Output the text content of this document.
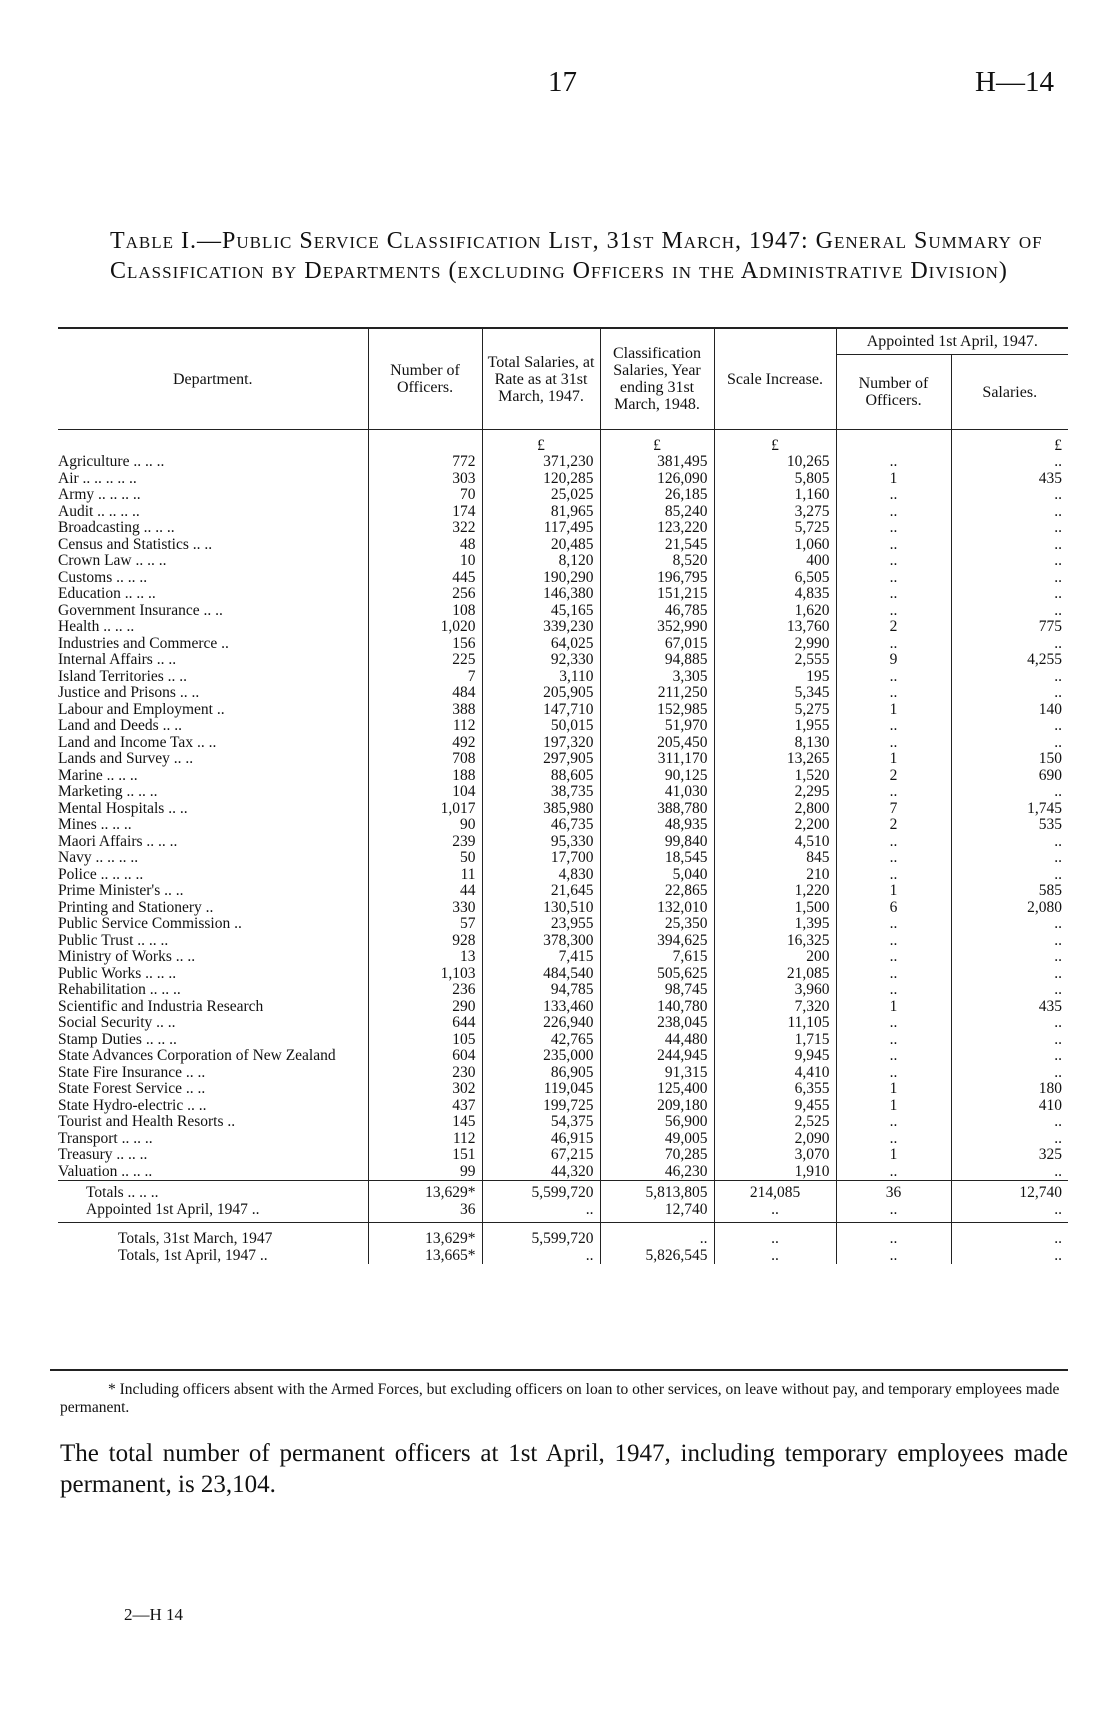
17	H—14
Table I.—Public Service Classification List, 31st March, 1947: General Summary of Classification by Departments (excluding Officers in the Administrative Division)
Department.	Number of Officers.	Total Salaries, at Rate as at 31st March, 1947.	Classification Salaries, Year ending 31st March, 1948.	Scale Increase.	Appointed 1st April, 1947.	
					Number of Officers.	Salaries.
		£	£	£		£
Agriculture .. .. ..	772	371,230	381,495	10,265	..	..
Air .. .. .. .. ..	303	120,285	126,090	5,805	1	435
Army .. .. .. ..	70	25,025	26,185	1,160	..	..
Audit .. .. .. ..	174	81,965	85,240	3,275	..	..
Broadcasting .. .. ..	322	117,495	123,220	5,725	..	..
Census and Statistics .. ..	48	20,485	21,545	1,060	..	..
Crown Law .. .. ..	10	8,120	8,520	400	..	..
Customs .. .. ..	445	190,290	196,795	6,505	..	..
Education .. .. ..	256	146,380	151,215	4,835	..	..
Government Insurance .. ..	108	45,165	46,785	1,620	..	..
Health .. .. ..	1,020	339,230	352,990	13,760	2	775
Industries and Commerce ..	156	64,025	67,015	2,990	..	..
Internal Affairs .. ..	225	92,330	94,885	2,555	9	4,255
Island Territories .. ..	7	3,110	3,305	195	..	..
Justice and Prisons .. ..	484	205,905	211,250	5,345	..	..
Labour and Employment ..	388	147,710	152,985	5,275	1	140
Land and Deeds .. ..	112	50,015	51,970	1,955	..	..
Land and Income Tax .. ..	492	197,320	205,450	8,130	..	..
Lands and Survey .. ..	708	297,905	311,170	13,265	1	150
Marine .. .. ..	188	88,605	90,125	1,520	2	690
Marketing .. .. ..	104	38,735	41,030	2,295	..	..
Mental Hospitals .. ..	1,017	385,980	388,780	2,800	7	1,745
Mines .. .. ..	90	46,735	48,935	2,200	2	535
Maori Affairs .. .. ..	239	95,330	99,840	4,510	..	..
Navy .. .. .. ..	50	17,700	18,545	845	..	..
Police .. .. .. ..	11	4,830	5,040	210	..	..
Prime Minister's .. ..	44	21,645	22,865	1,220	1	585
Printing and Stationery ..	330	130,510	132,010	1,500	6	2,080
Public Service Commission ..	57	23,955	25,350	1,395	..	..
Public Trust .. .. ..	928	378,300	394,625	16,325	..	..
Ministry of Works .. ..	13	7,415	7,615	200	..	..
Public Works .. .. ..	1,103	484,540	505,625	21,085	..	..
Rehabilitation .. .. ..	236	94,785	98,745	3,960	..	..
Scientific and Industria Research	290	133,460	140,780	7,320	1	435
Social Security .. ..	644	226,940	238,045	11,105	..	..
Stamp Duties .. .. ..	105	42,765	44,480	1,715	..	..
State Advances Corporation of New Zealand	604	235,000	244,945	9,945	..	..
State Fire Insurance .. ..	230	86,905	91,315	4,410	..	..
State Forest Service .. ..	302	119,045	125,400	6,355	1	180
State Hydro-electric .. ..	437	199,725	209,180	9,455	1	410
Tourist and Health Resorts ..	145	54,375	56,900	2,525	..	..
Transport .. .. ..	112	46,915	49,005	2,090	..	..
Treasury .. .. ..	151	67,215	70,285	3,070	1	325
Valuation .. .. ..	99	44,320	46,230	1,910	..	..
Totals .. .. ..	13,629*	5,599,720	5,813,805	214,085	36	12,740
Appointed 1st April, 1947 ..	36	..	12,740	..	..	..

Totals, 31st March, 1947	13,629*	5,599,720	..	..	..	..
Totals, 1st April, 1947 ..	13,665*	..	5,826,545	..	..	..
* Including officers absent with the Armed Forces, but excluding officers on loan to other services, on leave without pay, and temporary employees made permanent.
The total number of permanent officers at 1st April, 1947, including temporary employees made permanent, is 23,104.
2—H 14
